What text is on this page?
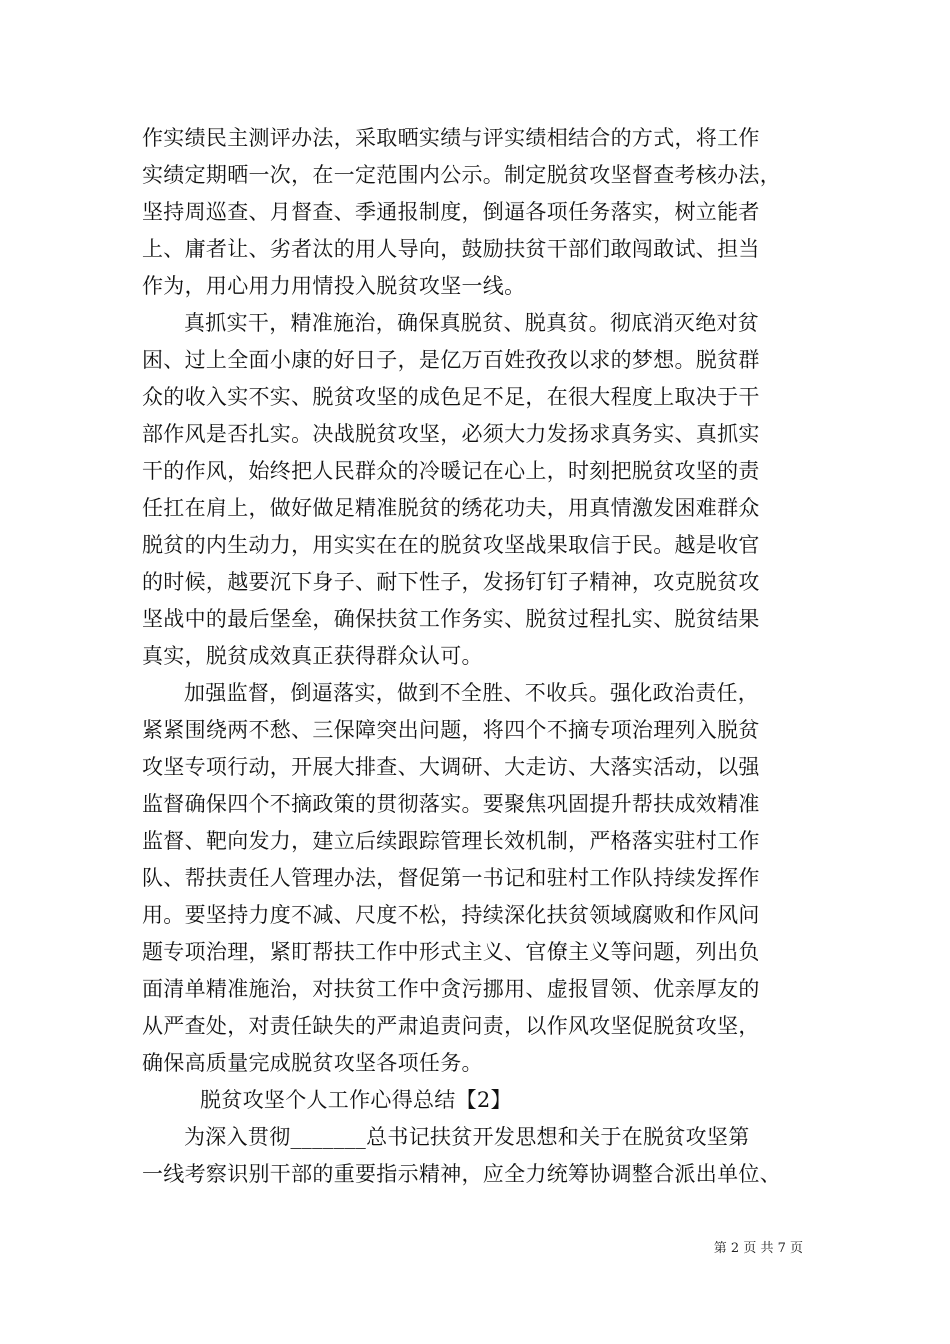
作实绩民主测评办法，采取晒实绩与评实绩相结合的方式，将工作
实绩定期晒一次，在一定范围内公示。制定脱贫攻坚督查考核办法，
坚持周巡查、月督查、季通报制度，倒逼各项任务落实，树立能者
上、庸者让、劣者汰的用人导向，鼓励扶贫干部们敢闯敢试、担当
作为，用心用力用情投入脱贫攻坚一线。
真抓实干，精准施治，确保真脱贫、脱真贫。彻底消灭绝对贫
困、过上全面小康的好日子，是亿万百姓孜孜以求的梦想。脱贫群
众的收入实不实、脱贫攻坚的成色足不足，在很大程度上取决于干
部作风是否扎实。决战脱贫攻坚，必须大力发扬求真务实、真抓实
干的作风，始终把人民群众的冷暖记在心上，时刻把脱贫攻坚的责
任扛在肩上，做好做足精准脱贫的绣花功夫，用真情激发困难群众
脱贫的内生动力，用实实在在的脱贫攻坚战果取信于民。越是收官
的时候，越要沉下身子、耐下性子，发扬钉钉子精神，攻克脱贫攻
坚战中的最后堡垒，确保扶贫工作务实、脱贫过程扎实、脱贫结果
真实，脱贫成效真正获得群众认可。
加强监督，倒逼落实，做到不全胜、不收兵。强化政治责任，
紧紧围绕两不愁、三保障突出问题，将四个不摘专项治理列入脱贫
攻坚专项行动，开展大排查、大调研、大走访、大落实活动，以强
监督确保四个不摘政策的贯彻落实。要聚焦巩固提升帮扶成效精准
监督、靶向发力，建立后续跟踪管理长效机制，严格落实驻村工作
队、帮扶责任人管理办法，督促第一书记和驻村工作队持续发挥作
用。要坚持力度不减、尺度不松，持续深化扶贫领域腐败和作风问
题专项治理，紧盯帮扶工作中形式主义、官僚主义等问题，列出负
面清单精准施治，对扶贫工作中贪污挪用、虚报冒领、优亲厚友的
从严查处，对责任缺失的严肃追责问责，以作风攻坚促脱贫攻坚，
确保高质量完成脱贫攻坚各项任务。
脱贫攻坚个人工作心得总结【2】
为深入贯彻_______总书记扶贫开发思想和关于在脱贫攻坚第
一线考察识别干部的重要指示精神，应全力统筹协调整合派出单位、
第 2 页 共 7 页
